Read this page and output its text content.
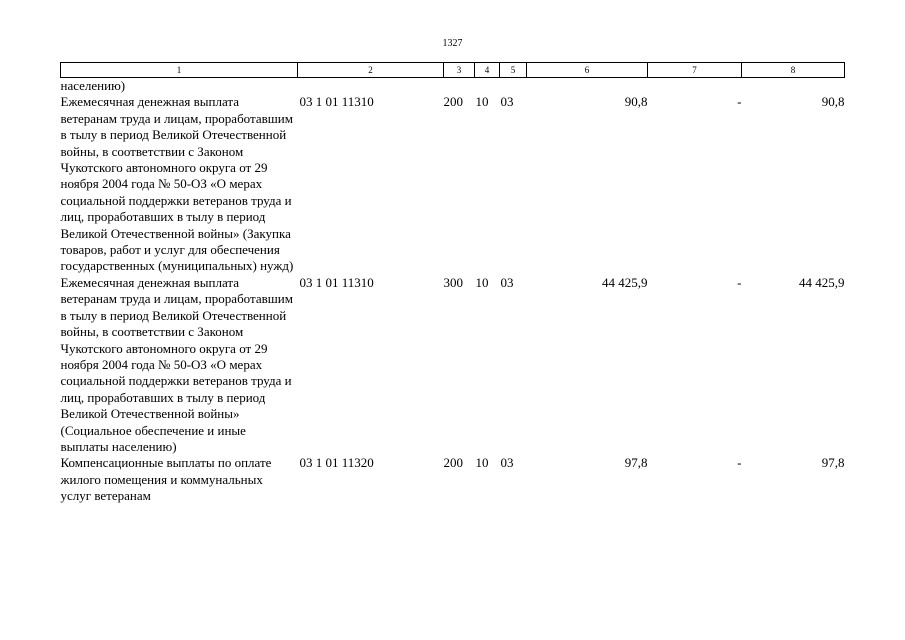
1327
1	2	3	4	5	6	7	8
населению)							
Ежемесячная денежная выплата ветеранам труда и лицам, проработавшим в тылу в период Великой Отечественной войны, в соответствии с Законом Чукотского автономного округа от 29 ноября 2004 года № 50-ОЗ «О мерах социальной поддержки ветеранов труда и лиц, проработавших в тылу в период Великой Отечественной войны» (Закупка товаров, работ и услуг для обеспечения государственных (муниципальных) нужд)	03 1 01 11310	200	10	03	90,8	-	90,8
Ежемесячная денежная выплата ветеранам труда и лицам, проработавшим в тылу в период Великой Отечественной войны, в соответствии с Законом Чукотского автономного округа от 29 ноября 2004 года № 50-ОЗ «О мерах социальной поддержки ветеранов труда и лиц, проработавших в тылу в период Великой Отечественной войны» (Социальное обеспечение и иные выплаты населению)	03 1 01 11310	300	10	03	44 425,9	-	44 425,9
Компенсационные выплаты по оплате жилого помещения и коммунальных услуг ветеранам	03 1 01 11320	200	10	03	97,8	-	97,8
